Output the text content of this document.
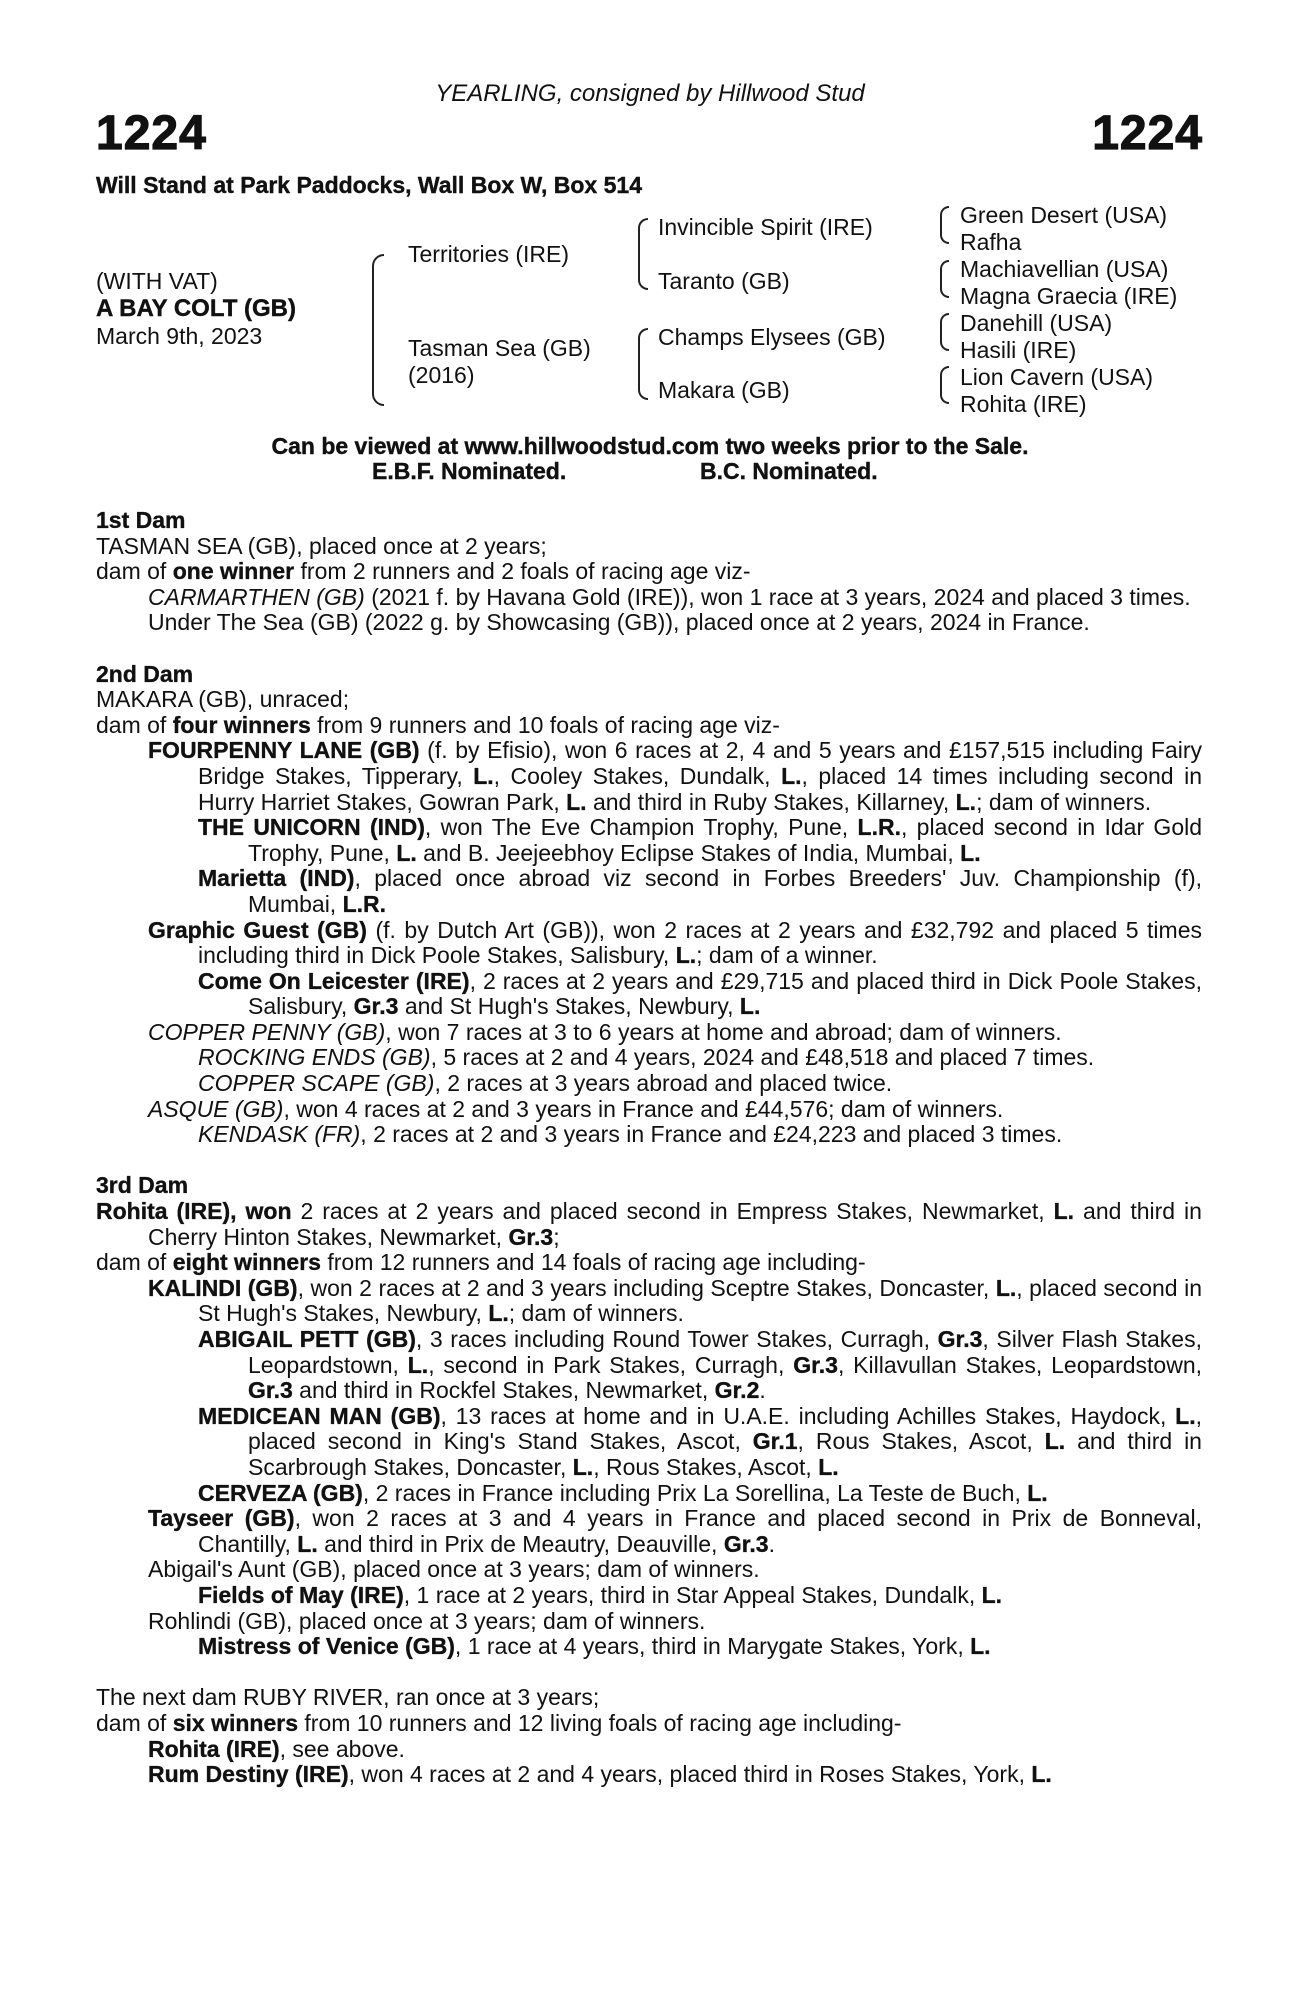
YEARLING, consigned by Hillwood Stud
1224	1224
Will Stand at Park Paddocks, Wall Box W, Box 514
(WITH VAT)
A BAY COLT (GB)
March 9th, 2023
Territories (IRE)
Tasman Sea (GB)
(2016)
Invincible Spirit (IRE)
Taranto (GB)
Champs Elysees (GB)
Makara (GB)
Green Desert (USA)
Rafha
Machiavellian (USA)
Magna Graecia (IRE)
Danehill (USA)
Hasili (IRE)
Lion Cavern (USA)
Rohita (IRE)
Can be viewed at www.hillwoodstud.com two weeks prior to the Sale.
E.B.F. Nominated.	B.C. Nominated.
1st Dam
TASMAN SEA (GB), placed once at 2 years;
dam of one winner from 2 runners and 2 foals of racing age viz-
CARMARTHEN (GB) (2021 f. by Havana Gold (IRE)), won 1 race at 3 years, 2024 and placed 3 times.
Under The Sea (GB) (2022 g. by Showcasing (GB)), placed once at 2 years, 2024 in France.
2nd Dam
MAKARA (GB), unraced;
dam of four winners from 9 runners and 10 foals of racing age viz-
FOURPENNY LANE (GB) (f. by Efisio), won 6 races at 2, 4 and 5 years and £157,515 including Fairy Bridge Stakes, Tipperary, L., Cooley Stakes, Dundalk, L., placed 14 times including second in Hurry Harriet Stakes, Gowran Park, L. and third in Ruby Stakes, Killarney, L.; dam of winners.
THE UNICORN (IND), won The Eve Champion Trophy, Pune, L.R., placed second in Idar Gold Trophy, Pune, L. and B. Jeejeebhoy Eclipse Stakes of India, Mumbai, L.
Marietta (IND), placed once abroad viz second in Forbes Breeders' Juv. Championship (f), Mumbai, L.R.
Graphic Guest (GB) (f. by Dutch Art (GB)), won 2 races at 2 years and £32,792 and placed 5 times including third in Dick Poole Stakes, Salisbury, L.; dam of a winner.
Come On Leicester (IRE), 2 races at 2 years and £29,715 and placed third in Dick Poole Stakes, Salisbury, Gr.3 and St Hugh's Stakes, Newbury, L.
COPPER PENNY (GB), won 7 races at 3 to 6 years at home and abroad; dam of winners.
ROCKING ENDS (GB), 5 races at 2 and 4 years, 2024 and £48,518 and placed 7 times.
COPPER SCAPE (GB), 2 races at 3 years abroad and placed twice.
ASQUE (GB), won 4 races at 2 and 3 years in France and £44,576; dam of winners.
KENDASK (FR), 2 races at 2 and 3 years in France and £24,223 and placed 3 times.
3rd Dam
Rohita (IRE), won 2 races at 2 years and placed second in Empress Stakes, Newmarket, L. and third in Cherry Hinton Stakes, Newmarket, Gr.3;
dam of eight winners from 12 runners and 14 foals of racing age including-
KALINDI (GB), won 2 races at 2 and 3 years including Sceptre Stakes, Doncaster, L., placed second in St Hugh's Stakes, Newbury, L.; dam of winners.
ABIGAIL PETT (GB), 3 races including Round Tower Stakes, Curragh, Gr.3, Silver Flash Stakes, Leopardstown, L., second in Park Stakes, Curragh, Gr.3, Killavullan Stakes, Leopardstown, Gr.3 and third in Rockfel Stakes, Newmarket, Gr.2.
MEDICEAN MAN (GB), 13 races at home and in U.A.E. including Achilles Stakes, Haydock, L., placed second in King's Stand Stakes, Ascot, Gr.1, Rous Stakes, Ascot, L. and third in Scarbrough Stakes, Doncaster, L., Rous Stakes, Ascot, L.
CERVEZA (GB), 2 races in France including Prix La Sorellina, La Teste de Buch, L.
Tayseer (GB), won 2 races at 3 and 4 years in France and placed second in Prix de Bonneval, Chantilly, L. and third in Prix de Meautry, Deauville, Gr.3.
Abigail's Aunt (GB), placed once at 3 years; dam of winners.
Fields of May (IRE), 1 race at 2 years, third in Star Appeal Stakes, Dundalk, L.
Rohlindi (GB), placed once at 3 years; dam of winners.
Mistress of Venice (GB), 1 race at 4 years, third in Marygate Stakes, York, L.
The next dam RUBY RIVER, ran once at 3 years;
dam of six winners from 10 runners and 12 living foals of racing age including-
Rohita (IRE), see above.
Rum Destiny (IRE), won 4 races at 2 and 4 years, placed third in Roses Stakes, York, L.
